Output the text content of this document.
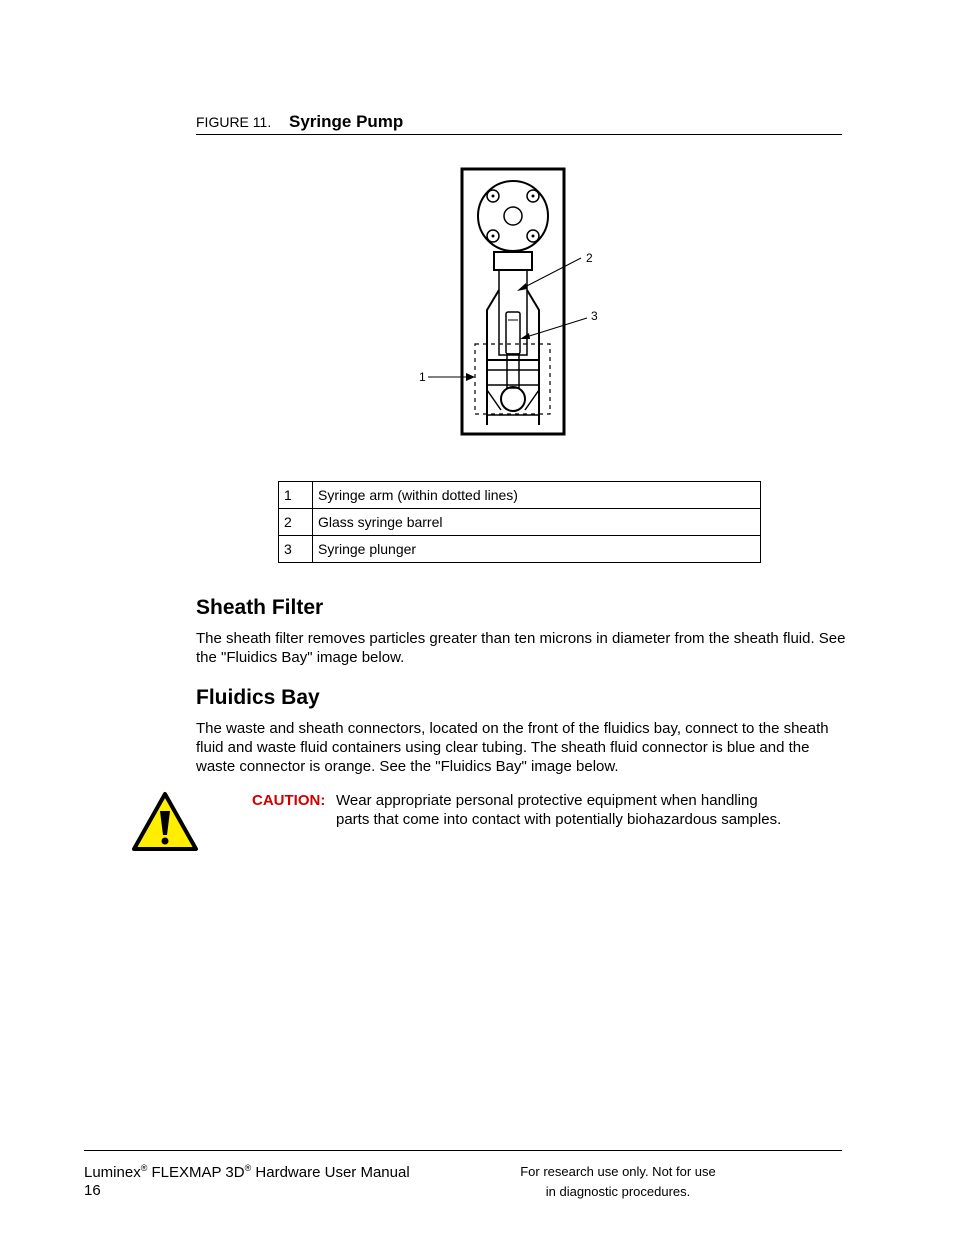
FIGURE 11. Syringe Pump
2
3
1
1	Syringe arm (within dotted lines)
2	Glass syringe barrel
3	Syringe plunger
Sheath Filter

The sheath filter removes particles greater than ten microns in diameter from the sheath fluid. See the "Fluidics Bay" image below.

Fluidics Bay

The waste and sheath connectors, located on the front of the fluidics bay, connect to the sheath fluid and waste fluid containers using clear tubing. The sheath fluid connector is blue and the waste connector is orange. See the "Fluidics Bay" image below.

CAUTION: Wear appropriate personal protective equipment when handling parts that come into contact with potentially biohazardous samples.

Luminex® FLEXMAP 3D® Hardware User Manual
16
For research use only. Not for use
in diagnostic procedures.
